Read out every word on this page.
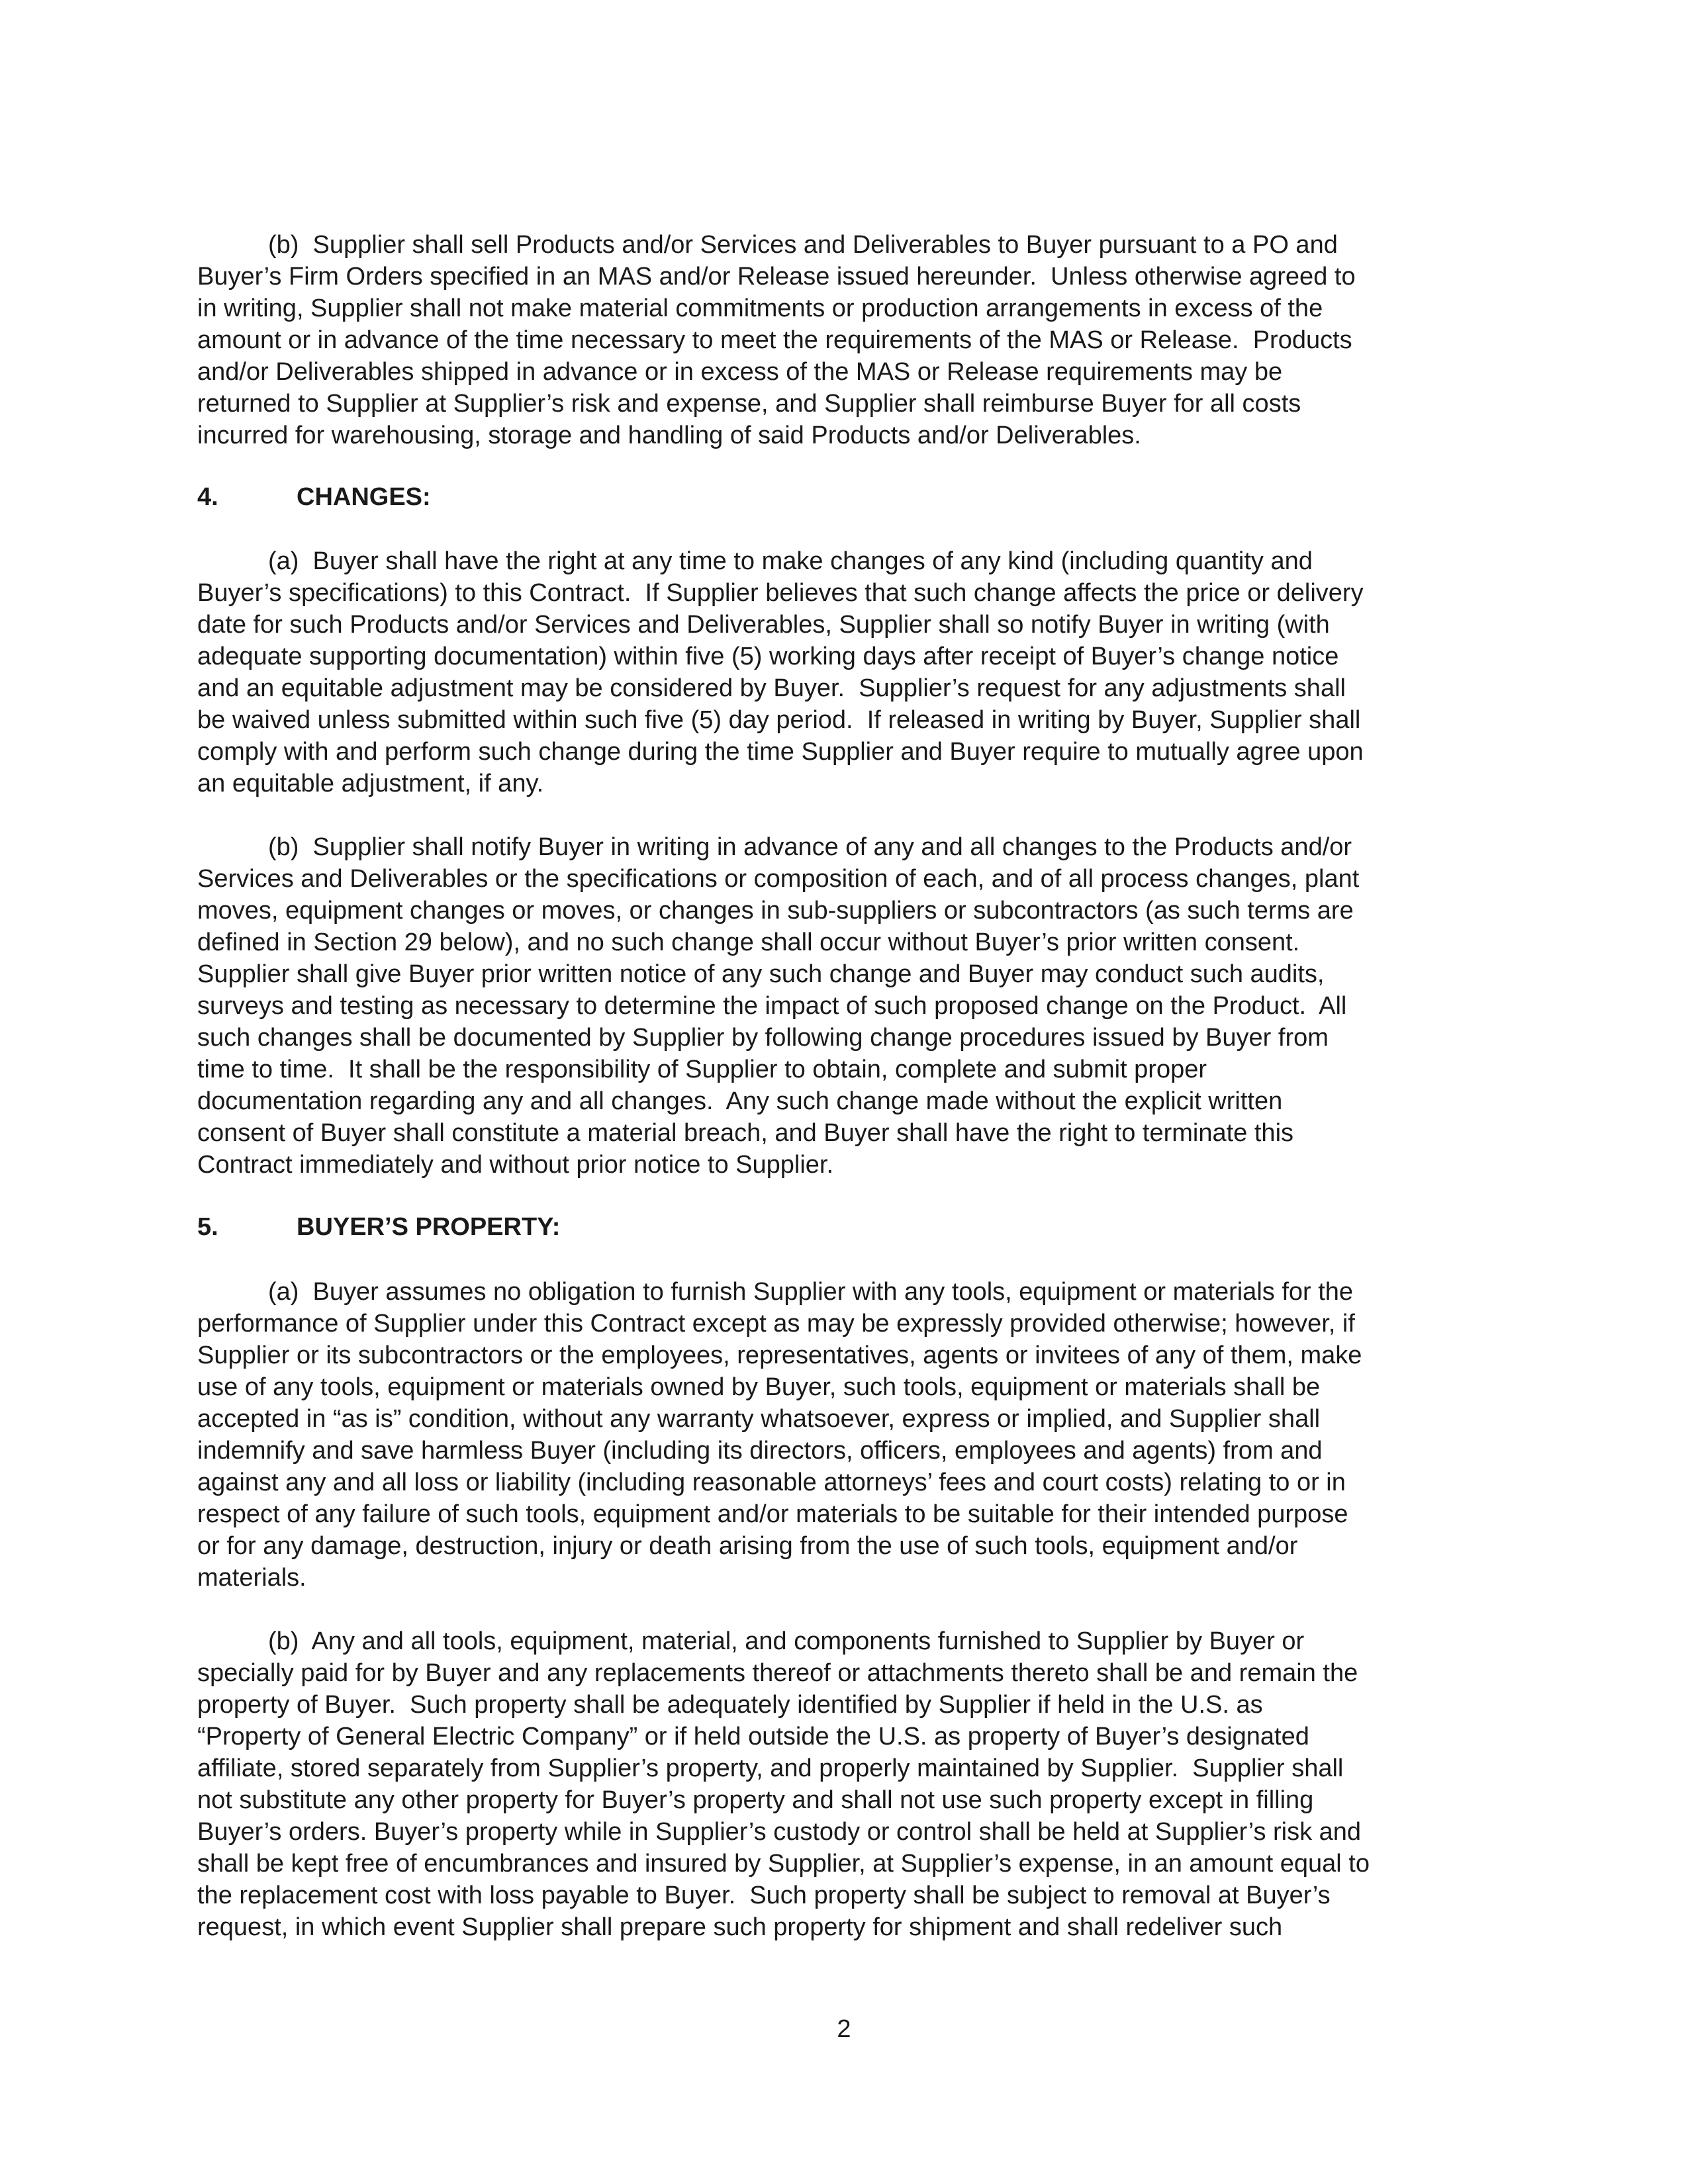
(b)  Supplier shall sell Products and/or Services and Deliverables to Buyer pursuant to a PO and
Buyer’s Firm Orders specified in an MAS and/or Release issued hereunder.  Unless otherwise agreed to
in writing, Supplier shall not make material commitments or production arrangements in excess of the
amount or in advance of the time necessary to meet the requirements of the MAS or Release.  Products
and/or Deliverables shipped in advance or in excess of the MAS or Release requirements may be
returned to Supplier at Supplier’s risk and expense, and Supplier shall reimburse Buyer for all costs
incurred for warehousing, storage and handling of said Products and/or Deliverables.
4.	CHANGES:
(a)  Buyer shall have the right at any time to make changes of any kind (including quantity and
Buyer’s specifications) to this Contract.  If Supplier believes that such change affects the price or delivery
date for such Products and/or Services and Deliverables, Supplier shall so notify Buyer in writing (with
adequate supporting documentation) within five (5) working days after receipt of Buyer’s change notice
and an equitable adjustment may be considered by Buyer.  Supplier’s request for any adjustments shall
be waived unless submitted within such five (5) day period.  If released in writing by Buyer, Supplier shall
comply with and perform such change during the time Supplier and Buyer require to mutually agree upon
an equitable adjustment, if any.
(b)  Supplier shall notify Buyer in writing in advance of any and all changes to the Products and/or
Services and Deliverables or the specifications or composition of each, and of all process changes, plant
moves, equipment changes or moves, or changes in sub-suppliers or subcontractors (as such terms are
defined in Section 29 below), and no such change shall occur without Buyer’s prior written consent.
Supplier shall give Buyer prior written notice of any such change and Buyer may conduct such audits,
surveys and testing as necessary to determine the impact of such proposed change on the Product.  All
such changes shall be documented by Supplier by following change procedures issued by Buyer from
time to time.  It shall be the responsibility of Supplier to obtain, complete and submit proper
documentation regarding any and all changes.  Any such change made without the explicit written
consent of Buyer shall constitute a material breach, and Buyer shall have the right to terminate this
Contract immediately and without prior notice to Supplier.
5.	BUYER’S PROPERTY:
(a)  Buyer assumes no obligation to furnish Supplier with any tools, equipment or materials for the
performance of Supplier under this Contract except as may be expressly provided otherwise; however, if
Supplier or its subcontractors or the employees, representatives, agents or invitees of any of them, make
use of any tools, equipment or materials owned by Buyer, such tools, equipment or materials shall be
accepted in “as is” condition, without any warranty whatsoever, express or implied, and Supplier shall
indemnify and save harmless Buyer (including its directors, officers, employees and agents) from and
against any and all loss or liability (including reasonable attorneys’ fees and court costs) relating to or in
respect of any failure of such tools, equipment and/or materials to be suitable for their intended purpose
or for any damage, destruction, injury or death arising from the use of such tools, equipment and/or
materials.
(b)  Any and all tools, equipment, material, and components furnished to Supplier by Buyer or
specially paid for by Buyer and any replacements thereof or attachments thereto shall be and remain the
property of Buyer.  Such property shall be adequately identified by Supplier if held in the U.S. as
“Property of General Electric Company” or if held outside the U.S. as property of Buyer’s designated
affiliate, stored separately from Supplier’s property, and properly maintained by Supplier.  Supplier shall
not substitute any other property for Buyer’s property and shall not use such property except in filling
Buyer’s orders. Buyer’s property while in Supplier’s custody or control shall be held at Supplier’s risk and
shall be kept free of encumbrances and insured by Supplier, at Supplier’s expense, in an amount equal to
the replacement cost with loss payable to Buyer.  Such property shall be subject to removal at Buyer’s
request, in which event Supplier shall prepare such property for shipment and shall redeliver such
2
